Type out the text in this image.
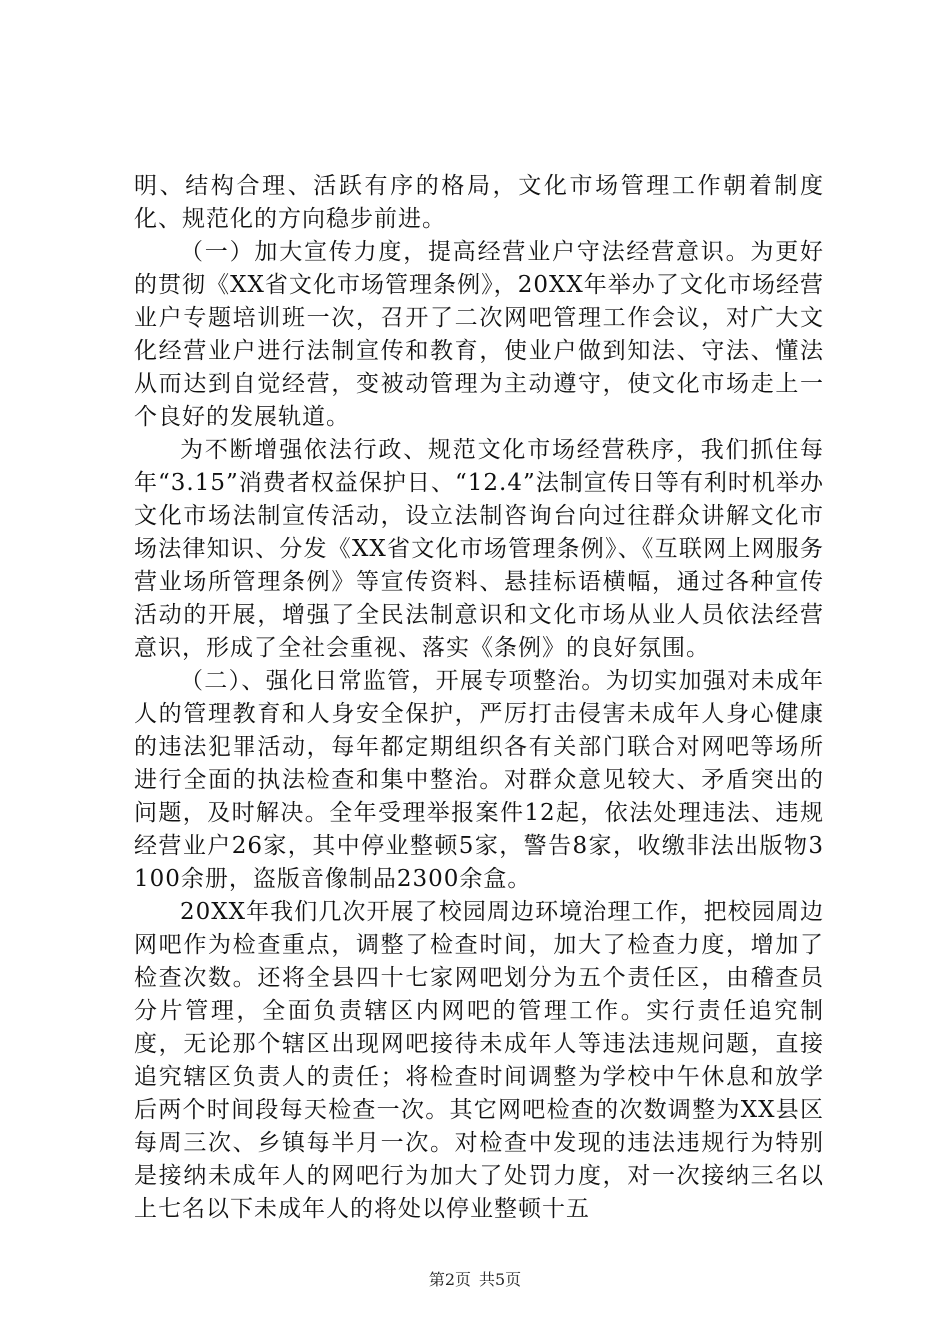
明、结构合理、活跃有序的格局，文化市场管理工作朝着制度化、规范化的方向稳步前进。

（一）加大宣传力度，提高经营业户守法经营意识。为更好的贯彻《XX省文化市场管理条例》，20XX年举办了文化市场经营业户专题培训班一次，召开了二次网吧管理工作会议，对广大文化经营业户进行法制宣传和教育，使业户做到知法、守法、懂法从而达到自觉经营，变被动管理为主动遵守，使文化市场走上一个良好的发展轨道。

为不断增强依法行政、规范文化市场经营秩序，我们抓住每年“3.15”消费者权益保护日、“12.4”法制宣传日等有利时机举办文化市场法制宣传活动，设立法制咨询台向过往群众讲解文化市场法律知识、分发《XX省文化市场管理条例》、《互联网上网服务营业场所管理条例》等宣传资料、悬挂标语横幅，通过各种宣传活动的开展，增强了全民法制意识和文化市场从业人员依法经营意识，形成了全社会重视、落实《条例》的良好氛围。

（二）、强化日常监管，开展专项整治。为切实加强对未成年人的管理教育和人身安全保护，严厉打击侵害未成年人身心健康的违法犯罪活动，每年都定期组织各有关部门联合对网吧等场所进行全面的执法检查和集中整治。对群众意见较大、矛盾突出的问题，及时解决。全年受理举报案件12起，依法处理违法、违规经营业户26家，其中停业整顿5家，警告8家，收缴非法出版物3100余册，盗版音像制品2300余盒。

20XX年我们几次开展了校园周边环境治理工作，把校园周边网吧作为检查重点，调整了检查时间，加大了检查力度，增加了检查次数。还将全县四十七家网吧划分为五个责任区，由稽查员分片管理，全面负责辖区内网吧的管理工作。实行责任追究制度，无论那个辖区出现网吧接待未成年人等违法违规问题，直接追究辖区负责人的责任；将检查时间调整为学校中午休息和放学后两个时间段每天检查一次。其它网吧检查的次数调整为XX县区每周三次、乡镇每半月一次。对检查中发现的违法违规行为特别是接纳未成年人的网吧行为加大了处罚力度，对一次接纳三名以上七名以下未成年人的将处以停业整顿十五

第2页 共5页
